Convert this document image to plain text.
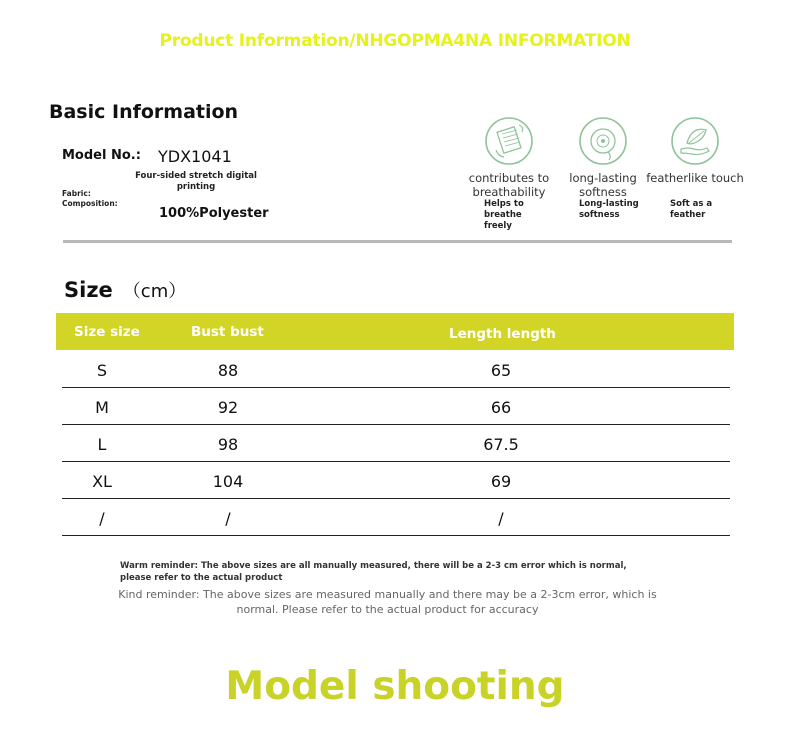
Product Information/NHGOPMA4NA INFORMATION
Basic Information
Model No.: YDX1041
Four-sided stretch digital printing
Fabric:
Composition:
100%Polyester
contributes to breathability
Helps to breathe freely
long-lasting softness
Long-lasting softness
featherlike touch
Soft as a feather
Size （cm）
Size size	Bust bust	Length length
S	88	65
M	92	66
L	98	67.5
XL	104	69
/	/	/
Warm reminder: The above sizes are all manually measured, there will be a 2-3 cm error which is normal, please refer to the actual product
Kind reminder: The above sizes are measured manually and there may be a 2-3cm error, which is normal. Please refer to the actual product for accuracy
Model shooting
